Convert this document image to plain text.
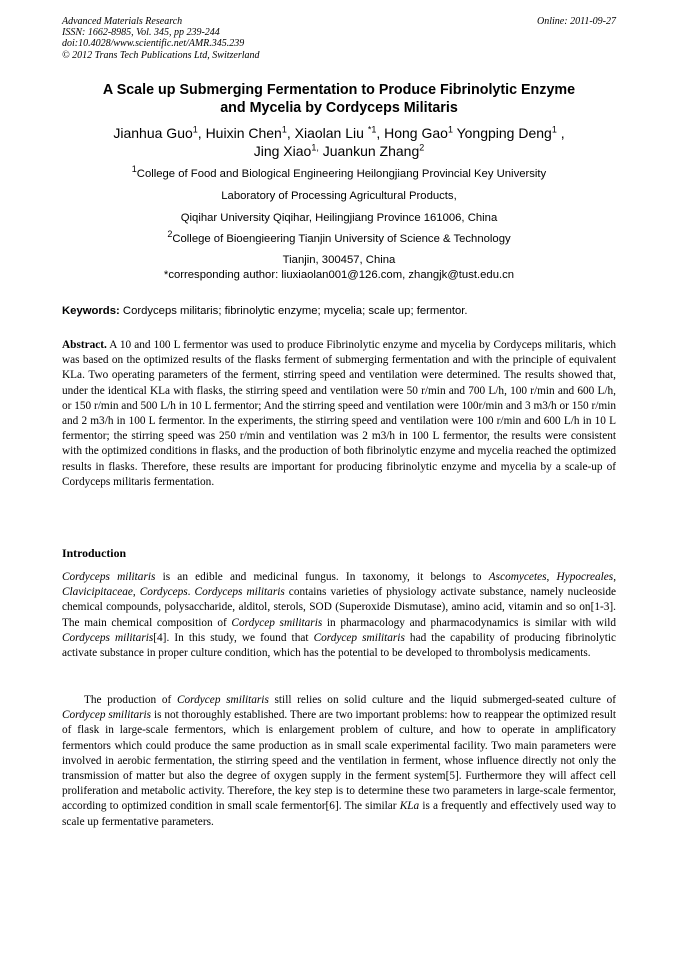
Advanced Materials Research
ISSN: 1662-8985, Vol. 345, pp 239-244
doi:10.4028/www.scientific.net/AMR.345.239
© 2012 Trans Tech Publications Ltd, Switzerland
Online: 2011-09-27
A Scale up Submerging Fermentation to Produce Fibrinolytic Enzyme
and Mycelia by Cordyceps Militaris
Jianhua Guo$^1$, Huixin Chen$^1$, Xiaolan Liu $^{*1}$, Hong Gao$^1$ Yongping Deng$^1$ ,
Jing Xiao$^{1,}$ Juankun Zhang$^2$
$^1$College of Food and Biological Engineering Heilongjiang Provincial Key University
Laboratory of Processing Agricultural Products,
Qiqihar University Qiqihar, Heilingjiang Province 161006, China
$^2$College of Bioengieering Tianjin University of Science & Technology
Tianjin, 300457, China
*corresponding author: liuxiaolan001@126.com, zhangjk@tust.edu.cn
Keywords: Cordyceps militaris; fibrinolytic enzyme; mycelia; scale up; fermentor.

Abstract. A 10 and 100 L fermentor was used to produce Fibrinolytic enzyme and mycelia by Cordyceps militaris, which was based on the optimized results of the flasks ferment of submerging fermentation and with the principle of equivalent KLa. Two operating parameters of the ferment, stirring speed and ventilation were determined. The results showed that, under the identical KLa with flasks, the stirring speed and ventilation were 50 r/min and 700 L/h, 100 r/min and 600 L/h, or 150 r/min and 500 L/h in 10 L fermentor; And the stirring speed and ventilation were 100r/min and 3 m3/h or 150 r/min and 2 m3/h in 100 L fermentor. In the experiments, the stirring speed and ventilation were 100 r/min and 600 L/h in 10 L fermentor; the stirring speed was 250 r/min and ventilation was 2 m3/h in 100 L fermentor, the results were consistent with the optimized conditions in flasks, and the production of both fibrinolytic enzyme and mycelia reached the optimized results in flasks. Therefore, these results are important for producing fibrinolytic enzyme and mycelia by a scale-up of Cordyceps militaris fermentation.

Introduction

Cordyceps militaris is an edible and medicinal fungus. In taxonomy, it belongs to Ascomycetes, Hypocreales, Clavicipitaceae, Cordyceps. Cordyceps militaris contains varieties of physiology activate substance, namely nucleoside chemical compounds, polysaccharide, alditol, sterols, SOD (Superoxide Dismutase), amino acid, vitamin and so on[1-3]. The main chemical composition of Cordycep smilitaris in pharmacology and pharmacodynamics is similar with wild Cordyceps militaris[4]. In this study, we found that Cordycep smilitaris had the capability of producing fibrinolytic activate substance in proper culture condition, which has the potential to be developed to thrombolysis medicaments.

The production of Cordycep smilitaris still relies on solid culture and the liquid submerged-seated culture of Cordycep smilitaris is not thoroughly established. There are two important problems: how to reappear the optimized result of flask in large-scale fermentors, which is enlargement problem of culture, and how to operate in amplificatory fermentors which could produce the same production as in small scale experimental facility. Two main parameters were involved in aerobic fermentation, the stirring speed and the ventilation in ferment, whose influence directly not only the transmission of matter but also the degree of oxygen supply in the ferment system[5]. Furthermore they will affect cell proliferation and metabolic activity. Therefore, the key step is to determine these two parameters in large-scale fermentor, according to optimized condition in small scale fermentor[6]. The similar KLa is a frequently and effectively used way to scale up fermentative parameters.
